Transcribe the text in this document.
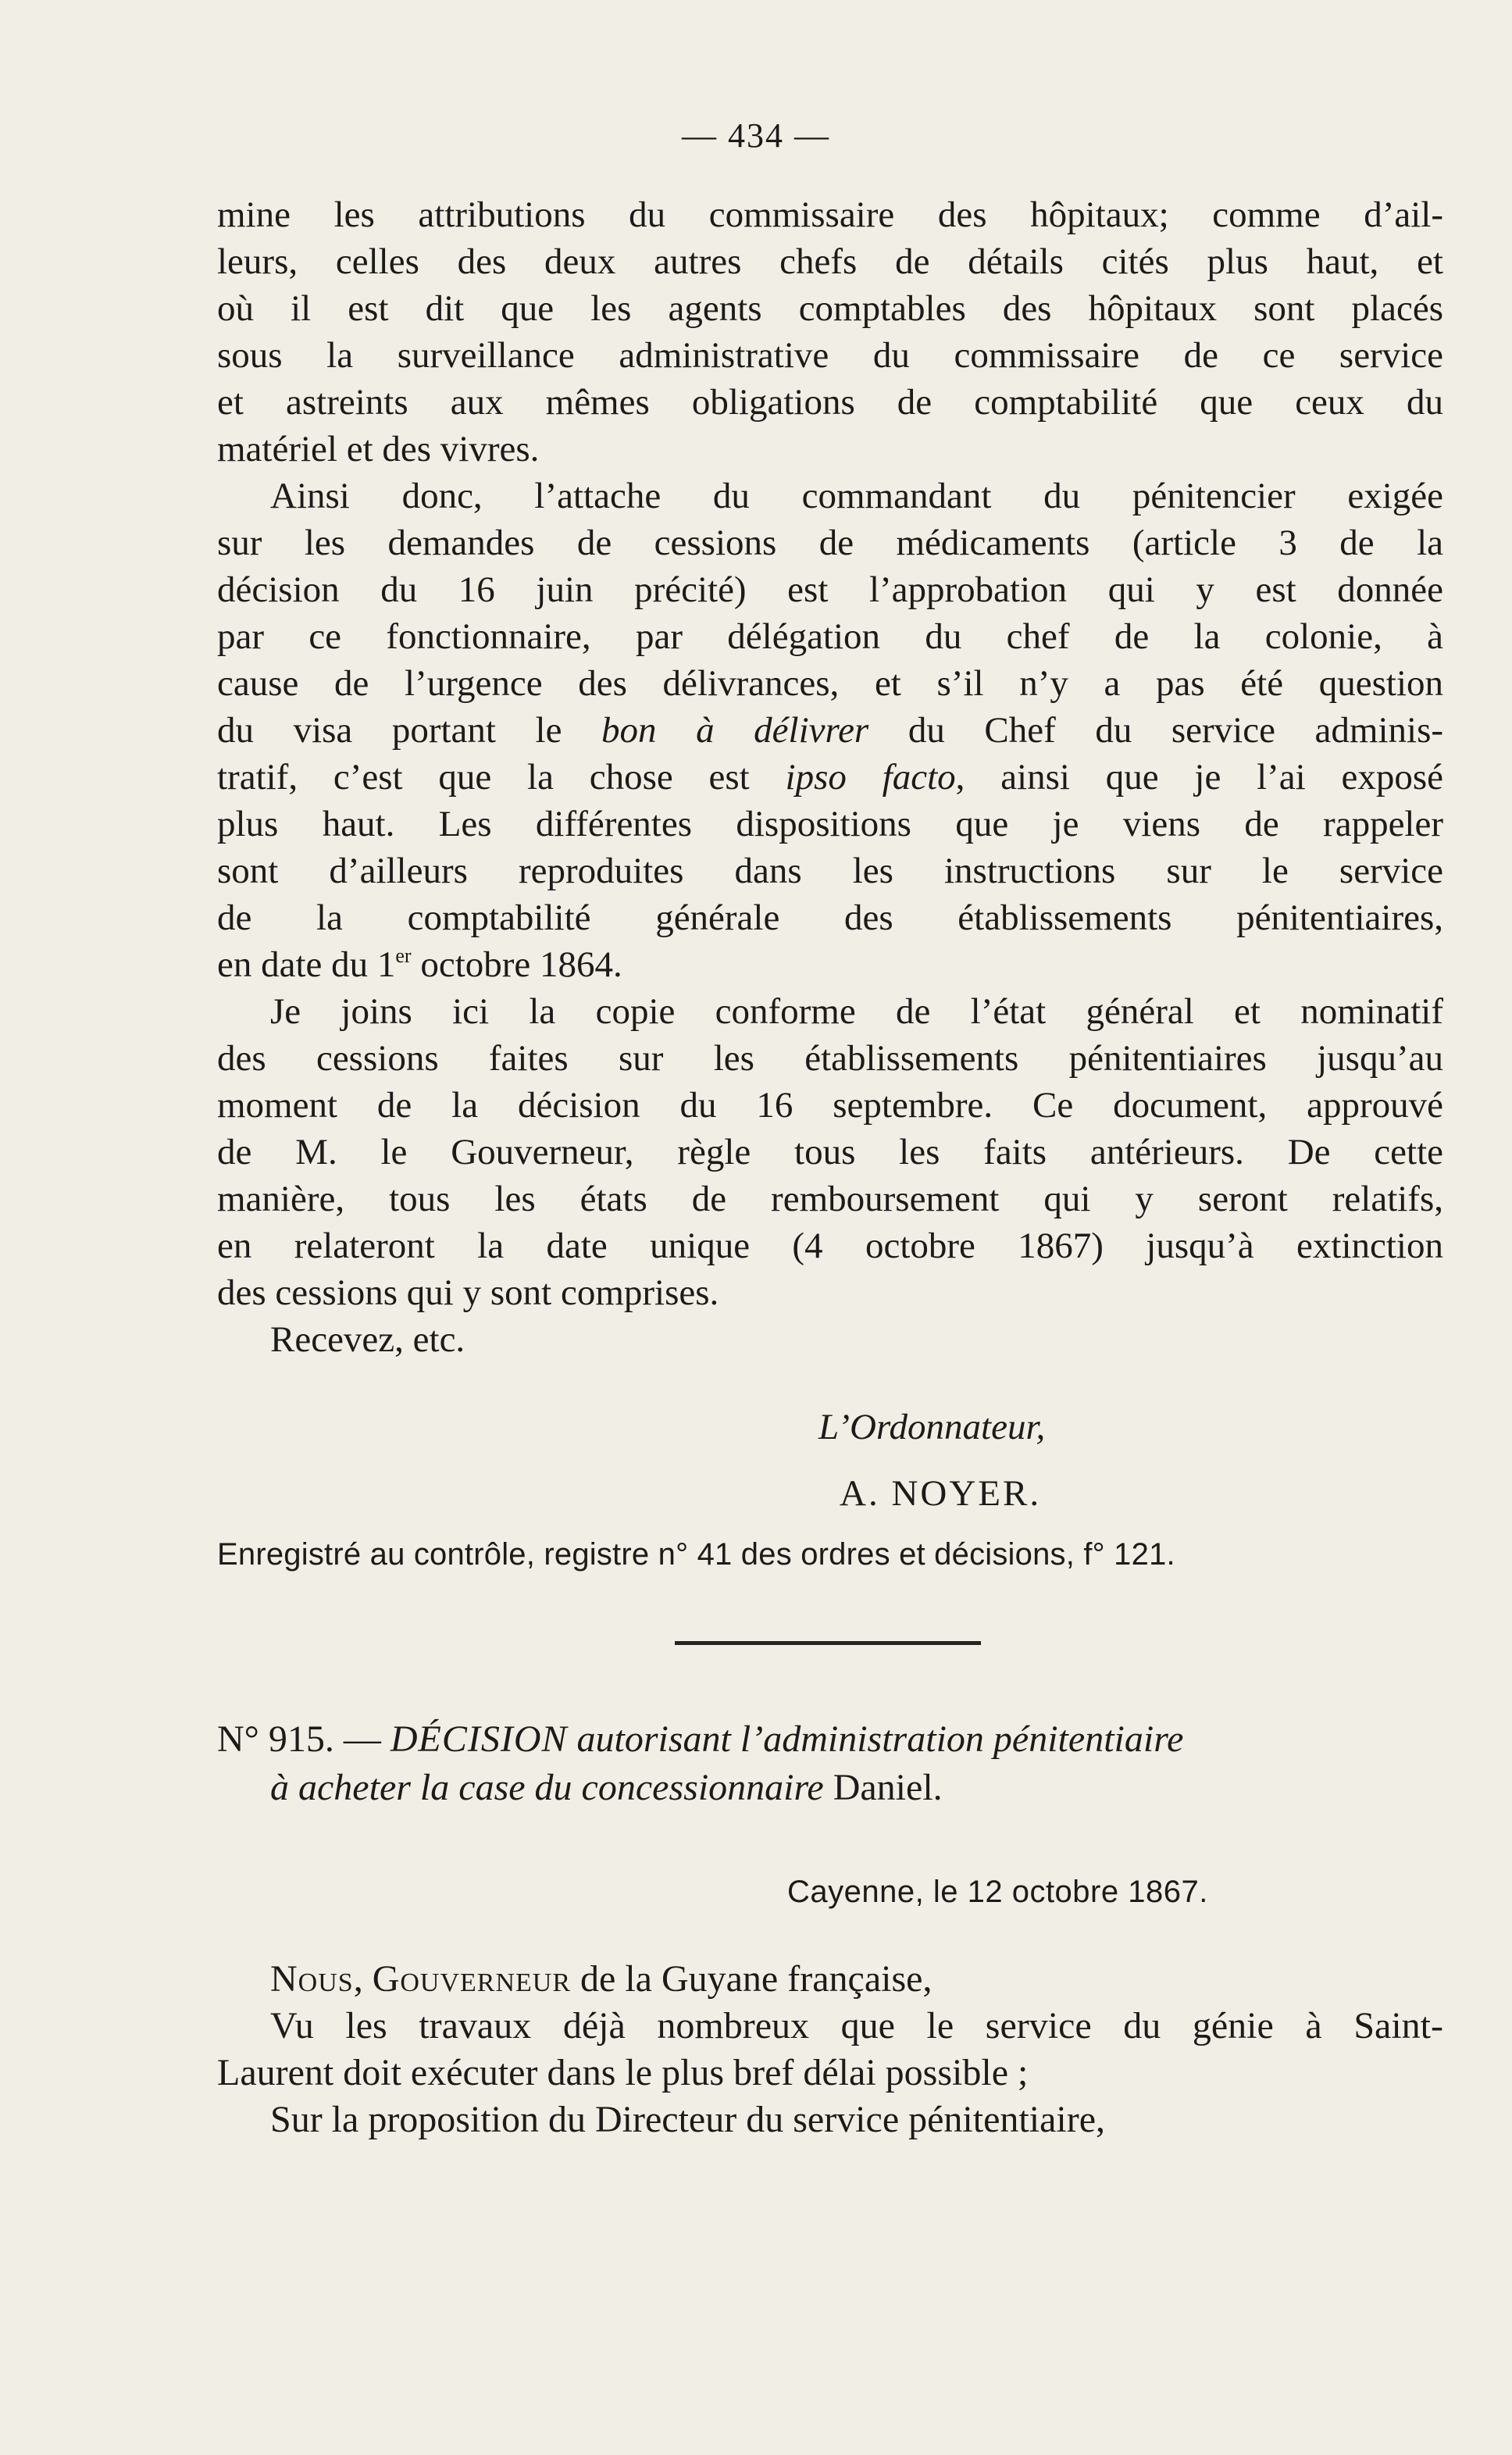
— 434 —
mine les attributions du commissaire des hôpitaux; comme d’ail-
leurs, celles des deux autres chefs de détails cités plus haut, et
où il est dit que les agents comptables des hôpitaux sont placés
sous la surveillance administrative du commissaire de ce service
et astreints aux mêmes obligations de comptabilité que ceux du
matériel et des vivres.
Ainsi donc, l’attache du commandant du pénitencier exigée
sur les demandes de cessions de médicaments (article 3 de la
décision du 16 juin précité) est l’approbation qui y est donnée
par ce fonctionnaire, par délégation du chef de la colonie, à
cause de l’urgence des délivrances, et s’il n’y a pas été question
du visa portant le bon à délivrer du Chef du service adminis-
tratif, c’est que la chose est ipso facto, ainsi que je l’ai exposé
plus haut. Les différentes dispositions que je viens de rappeler
sont d’ailleurs reproduites dans les instructions sur le service
de la comptabilité générale des établissements pénitentiaires,
en date du 1er octobre 1864.
Je joins ici la copie conforme de l’état général et nominatif
des cessions faites sur les établissements pénitentiaires jusqu’au
moment de la décision du 16 septembre. Ce document, approuvé
de M. le Gouverneur, règle tous les faits antérieurs. De cette
manière, tous les états de remboursement qui y seront relatifs,
en relateront la date unique (4 octobre 1867) jusqu’à extinction
des cessions qui y sont comprises.
Recevez, etc.
L’Ordonnateur,
A. NOYER.
Enregistré au contrôle, registre n° 41 des ordres et décisions, f° 121.
N° 915. — DÉCISION autorisant l’administration pénitentiaire
à acheter la case du concessionnaire Daniel.
Cayenne, le 12 octobre 1867.
Nous, Gouverneur de la Guyane française,
Vu les travaux déjà nombreux que le service du génie à Saint-
Laurent doit exécuter dans le plus bref délai possible ;
Sur la proposition du Directeur du service pénitentiaire,
